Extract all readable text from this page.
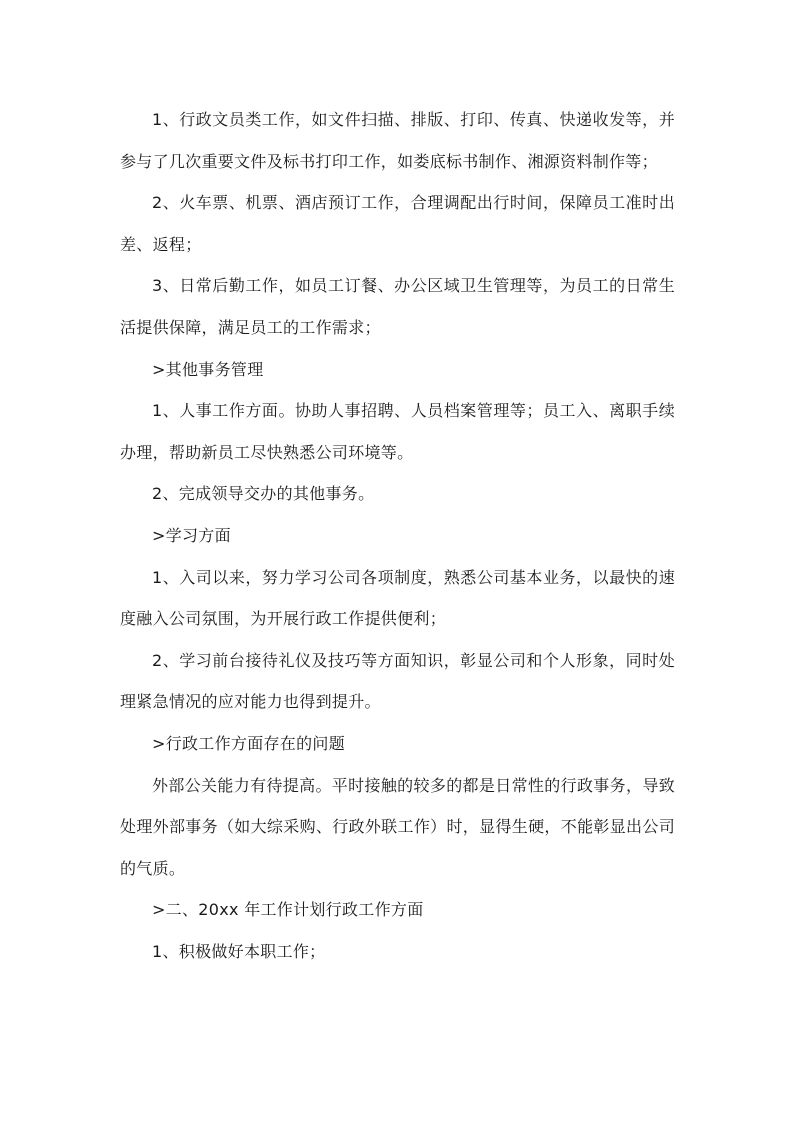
1、行政文员类工作，如文件扫描、排版、打印、传真、快递收发等，并参与了几次重要文件及标书打印工作，如娄底标书制作、湘源资料制作等；

2、火车票、机票、酒店预订工作，合理调配出行时间，保障员工准时出差、返程；

3、日常后勤工作，如员工订餐、办公区域卫生管理等，为员工的日常生活提供保障，满足员工的工作需求；

>其他事务管理

1、人事工作方面。协助人事招聘、人员档案管理等；员工入、离职手续办理，帮助新员工尽快熟悉公司环境等。

2、完成领导交办的其他事务。

>学习方面

1、入司以来，努力学习公司各项制度，熟悉公司基本业务，以最快的速度融入公司氛围，为开展行政工作提供便利；

2、学习前台接待礼仪及技巧等方面知识，彰显公司和个人形象，同时处理紧急情况的应对能力也得到提升。

>行政工作方面存在的问题

外部公关能力有待提高。平时接触的较多的都是日常性的行政事务，导致处理外部事务（如大综采购、行政外联工作）时，显得生硬，不能彰显出公司的气质。

>二、20xx 年工作计划行政工作方面

1、积极做好本职工作；
